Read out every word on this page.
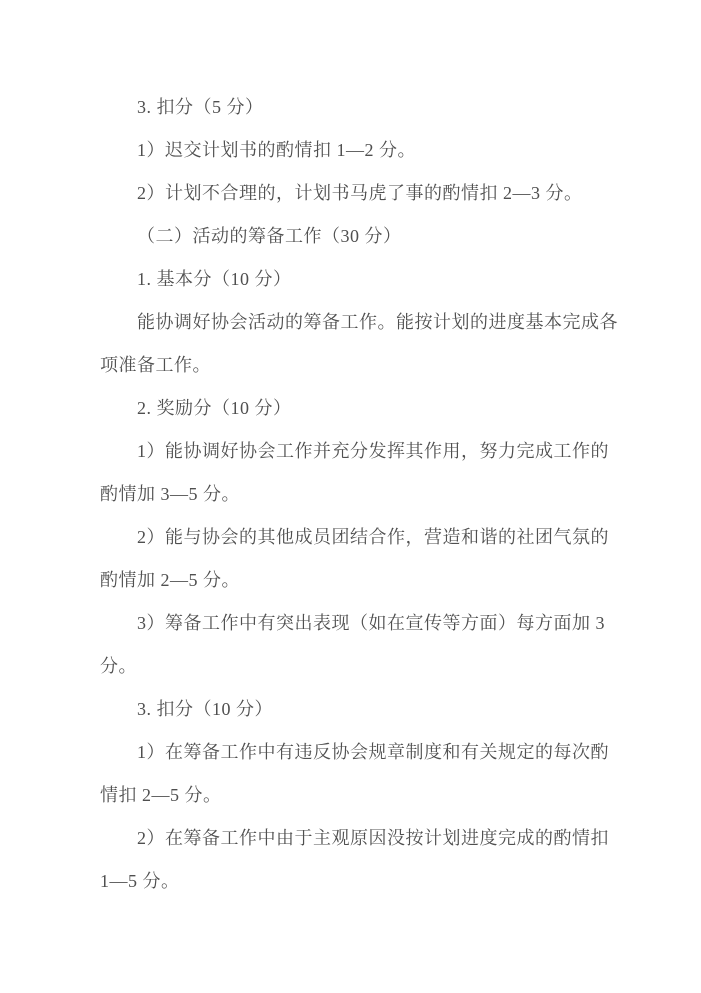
3. 扣分（5 分）
1）迟交计划书的酌情扣 1—2 分。
2）计划不合理的，计划书马虎了事的酌情扣 2—3 分。
（二）活动的筹备工作（30 分）
1. 基本分（10 分）
能协调好协会活动的筹备工作。能按计划的进度基本完成各
项准备工作。
2. 奖励分（10 分）
1）能协调好协会工作并充分发挥其作用，努力完成工作的
酌情加 3—5 分。
2）能与协会的其他成员团结合作，营造和谐的社团气氛的
酌情加 2—5 分。
3）筹备工作中有突出表现（如在宣传等方面）每方面加 3
分。
3. 扣分（10 分）
1）在筹备工作中有违反协会规章制度和有关规定的每次酌
情扣 2—5 分。
2）在筹备工作中由于主观原因没按计划进度完成的酌情扣
1—5 分。
